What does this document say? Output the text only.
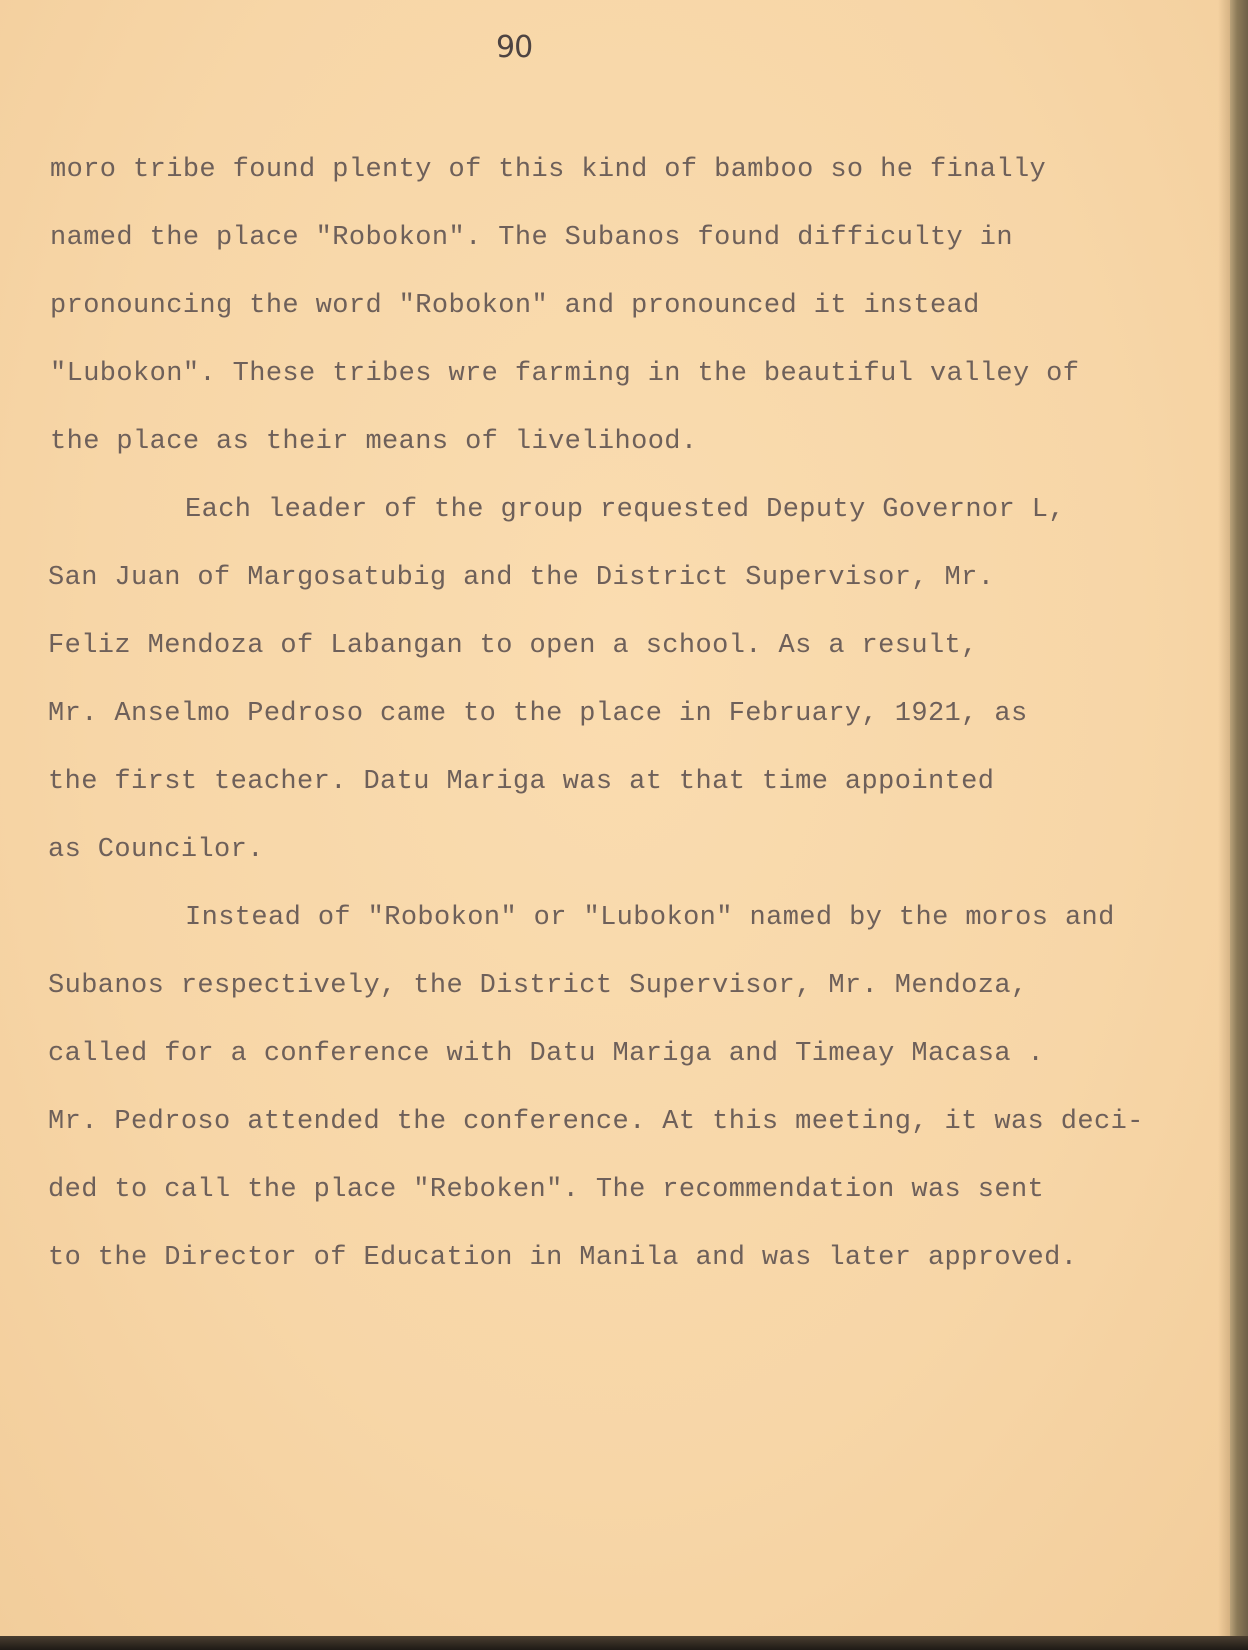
90
moro tribe found plenty of this kind of bamboo so he finally
named the place "Robokon". The Subanos found difficulty in
pronouncing the word "Robokon" and pronounced it instead
"Lubokon". These tribes wre farming in the beautiful valley of
the place as their means of livelihood.
Each leader of the group requested Deputy Governor L,
San Juan of Margosatubig and the District Supervisor, Mr.
Feliz Mendoza of Labangan to open a school. As a result,
Mr. Anselmo Pedroso came to the place in February, 1921, as
the first teacher. Datu Mariga was at that time appointed
as Councilor.
Instead of "Robokon" or "Lubokon" named by the moros and
Subanos respectively, the District Supervisor, Mr. Mendoza,
called for a conference with Datu Mariga and Timeay Macasa .
Mr. Pedroso attended the conference. At this meeting, it was deci-
ded to call the place "Reboken". The recommendation was sent
to the Director of Education in Manila and was later approved.
